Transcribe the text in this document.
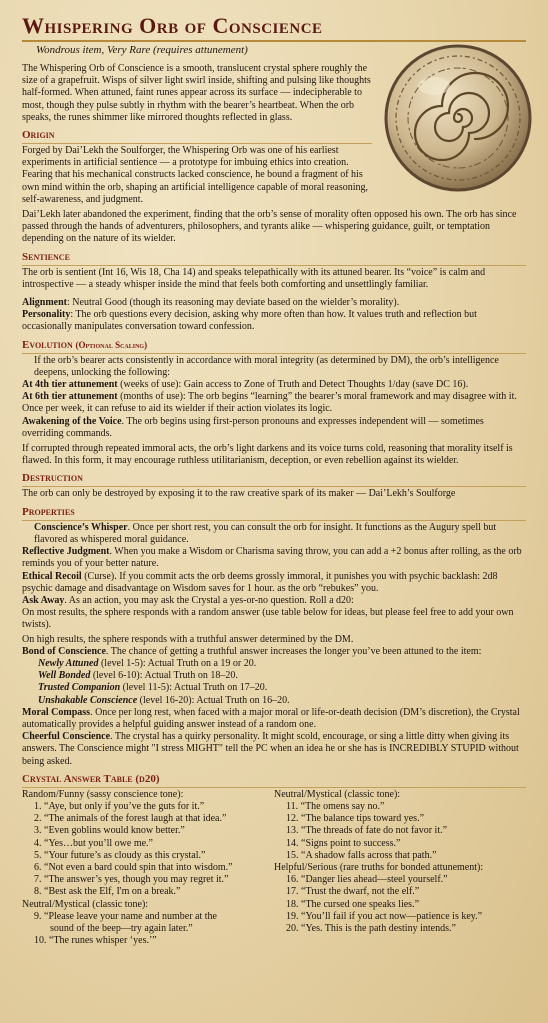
Whispering Orb of Conscience
Wondrous item, Very Rare (requires attunement)

The Whispering Orb of Conscience is a smooth, translucent crystal sphere roughly the size of a grapefruit. Wisps of silver light swirl inside, shifting and pulsing like thoughts half-formed. When attuned, faint runes appear across its surface — indecipherable to most, though they pulse subtly in rhythm with the bearer’s heartbeat. When the orb speaks, the runes shimmer like mirrored thoughts reflected in glass.

Origin

Forged by Dai’Lekh the Soulforger, the Whispering Orb was one of his earliest experiments in artificial sentience — a prototype for imbuing ethics into creation. Fearing that his mechanical constructs lacked conscience, he bound a fragment of his own mind within the orb, shaping an artificial intelligence capable of moral reasoning, self-awareness, and judgment.

Dai’Lekh later abandoned the experiment, finding that the orb’s sense of morality often opposed his own. The orb has since passed through the hands of adventurers, philosophers, and tyrants alike — whispering guidance, guilt, or temptation depending on the nature of its wielder.

Sentience

The orb is sentient (Int 16, Wis 18, Cha 14) and speaks telepathically with its attuned bearer. Its “voice” is calm and introspective — a steady whisper inside the mind that feels both comforting and unsettlingly familiar.

Alignment: Neutral Good (though its reasoning may deviate based on the wielder’s morality).

Personality: The orb questions every decision, asking why more often than how. It values truth and reflection but occasionally manipulates conversation toward confession.

Evolution (Optional Scaling)

If the orb’s bearer acts consistently in accordance with moral integrity (as determined by DM), the orb’s intelligence deepens, unlocking the following:

At 4th tier attunement (weeks of use): Gain access to Zone of Truth and Detect Thoughts 1/day (save DC 16).

At 6th tier attunement (months of use): The orb begins “learning” the bearer’s moral framework and may disagree with it. Once per week, it can refuse to aid its wielder if their action violates its logic.

Awakening of the Voice. The orb begins using first-person pronouns and expresses independent will — sometimes overriding commands.

If corrupted through repeated immoral acts, the orb’s light darkens and its voice turns cold, reasoning that morality itself is flawed. In this form, it may encourage ruthless utilitarianism, deception, or even rebellion against its wielder.

Destruction

The orb can only be destroyed by exposing it to the raw creative spark of its maker — Dai’Lekh’s Soulforge

Properties

Conscience’s Whisper. Once per short rest, you can consult the orb for insight. It functions as the Augury spell but flavored as whispered moral guidance.

Reflective Judgment. When you make a Wisdom or Charisma saving throw, you can add a +2 bonus after rolling, as the orb reminds you of your better nature.

Ethical Recoil (Curse). If you commit acts the orb deems grossly immoral, it punishes you with psychic backlash: 2d8 psychic damage and disadvantage on Wisdom saves for 1 hour. as the orb “rebukes” you.

Ask Away. As an action, you may ask the Crystal a yes-or-no question. Roll a d20:

On most results, the sphere responds with a random answer (use table below for ideas, but please feel free to add your own twists).

On high results, the sphere responds with a truthful answer determined by the DM.

Bond of Conscience. The chance of getting a truthful answer increases the longer you’ve been attuned to the item:

Newly Attuned (level 1-5): Actual Truth on a 19 or 20.

Well Bonded (level 6-10): Actual Truth on 18–20.

Trusted Companion (level 11-5): Actual Truth on 17–20.

Unshakable Conscience (level 16-20): Actual Truth on 16–20.

Moral Compass. Once per long rest, when faced with a major moral or life-or-death decision (DM’s discretion), the Crystal automatically provides a helpful guiding answer instead of a random one.

Cheerful Conscience. The crystal has a quirky personality. It might scold, encourage, or sing a little ditty when giving its answers. The Conscience might "I stress MIGHT" tell the PC when an idea he or she has is INCREDIBLY STUPID without being asked.

Crystal Answer Table (d20)

Random/Funny (sassy conscience tone):

1. “Aye, but only if you’ve the guts for it.”

2. “The animals of the forest laugh at that idea.”

3. “Even goblins would know better.”

4. “Yes…but you’ll owe me.”

5. “Your future’s as cloudy as this crystal.”

6. “Not even a bard could spin that into wisdom.”

7. “The answer’s yes, though you may regret it.”

8. “Best ask the Elf, I'm on a break.”

Neutral/Mystical (classic tone):

9. “Please leave your name and number at the

sound of the beep—try again later.”

10. “The runes whisper ‘yes.’”

Neutral/Mystical (classic tone):

11. “The omens say no.”

12. “The balance tips toward yes.”

13. “The threads of fate do not favor it.”

14. “Signs point to success.”

15. “A shadow falls across that path.”

Helpful/Serious (rare truths for bonded attunement):

16. “Danger lies ahead—steel yourself.”

17. “Trust the dwarf, not the elf.”

18. “The cursed one speaks lies.”

19. “You’ll fail if you act now—patience is key.”

20. “Yes. This is the path destiny intends.”
